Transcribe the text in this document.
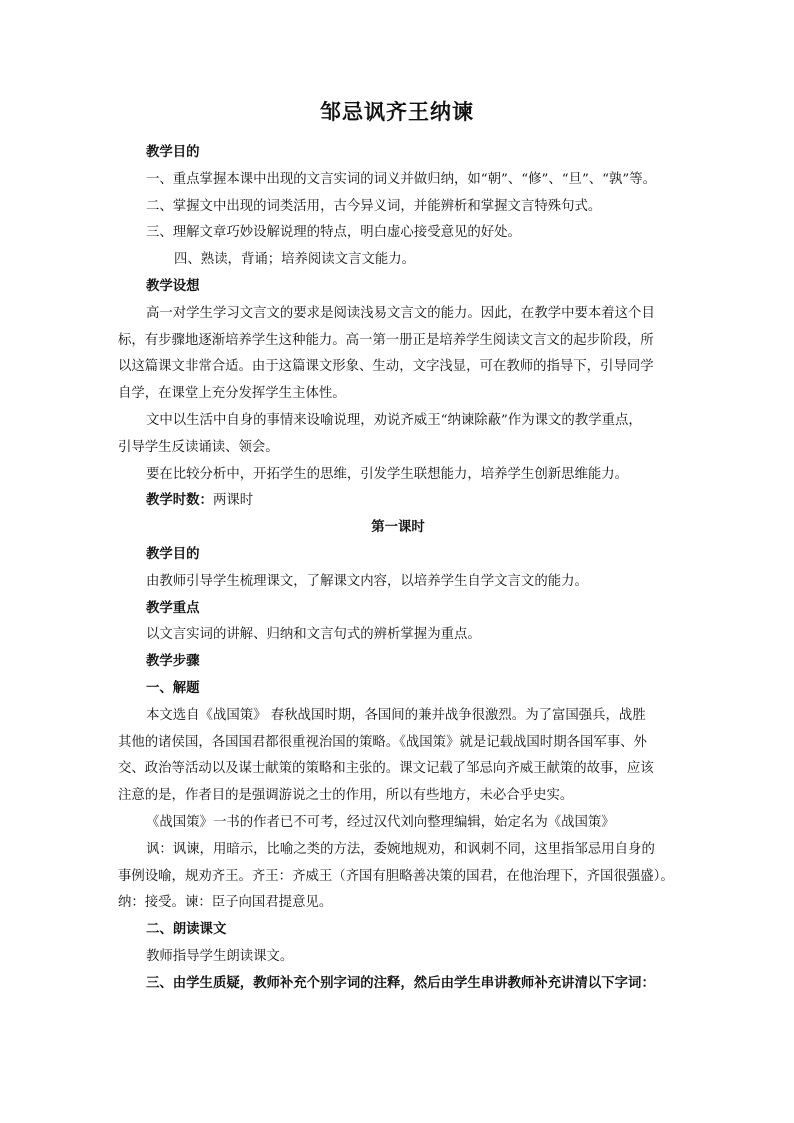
邹忌讽齐王纳谏

教学目的

一、重点掌握本课中出现的文言实词的词义并做归纳，如“朝”、“修”、“旦”、“孰”等。

二、掌握文中出现的词类活用，古今异义词，并能辨析和掌握文言特殊句式。

三、理解文章巧妙设解说理的特点，明白虚心接受意见的好处。

四、熟读，背诵；培养阅读文言文能力。

教学设想

高一对学生学习文言文的要求是阅读浅易文言文的能力。因此，在教学中要本着这个目

标，有步骤地逐渐培养学生这种能力。高一第一册正是培养学生阅读文言文的起步阶段，所

以这篇课文非常合适。由于这篇课文形象、生动，文字浅显，可在教师的指导下，引导同学

自学，在课堂上充分发挥学生主体性。

文中以生活中自身的事情来设喻说理，劝说齐威王“纳谏除蔽”作为课文的教学重点，

引导学生反读诵读、领会。

要在比较分析中，开拓学生的思维，引发学生联想能力，培养学生创新思维能力。

教学时数：两课时

第一课时

教学目的

由教师引导学生梳理课文，了解课文内容，以培养学生自学文言文的能力。

教学重点

以文言实词的讲解、归纳和文言句式的辨析掌握为重点。

教学步骤

一、解题

本文选自《战国策》 春秋战国时期，各国间的兼并战争很激烈。为了富国强兵，战胜

其他的诸侯国，各国国君都很重视治国的策略。《战国策》就是记载战国时期各国军事、外

交、政治等活动以及谋士献策的策略和主张的。课文记载了邹忌向齐威王献策的故事，应该

注意的是，作者目的是强调游说之士的作用，所以有些地方，未必合乎史实。

《战国策》一书的作者已不可考，经过汉代刘向整理编辑，始定名为《战国策》

讽：讽谏，用暗示，比喻之类的方法，委婉地规劝，和讽刺不同，这里指邹忌用自身的

事例设喻，规劝齐王。齐王：齐威王（齐国有胆略善决策的国君，在他治理下，齐国很强盛）。

纳：接受。谏：臣子向国君提意见。

二、朗读课文

教师指导学生朗读课文。

三、由学生质疑，教师补充个别字词的注释，然后由学生串讲教师补充讲清以下字词：
